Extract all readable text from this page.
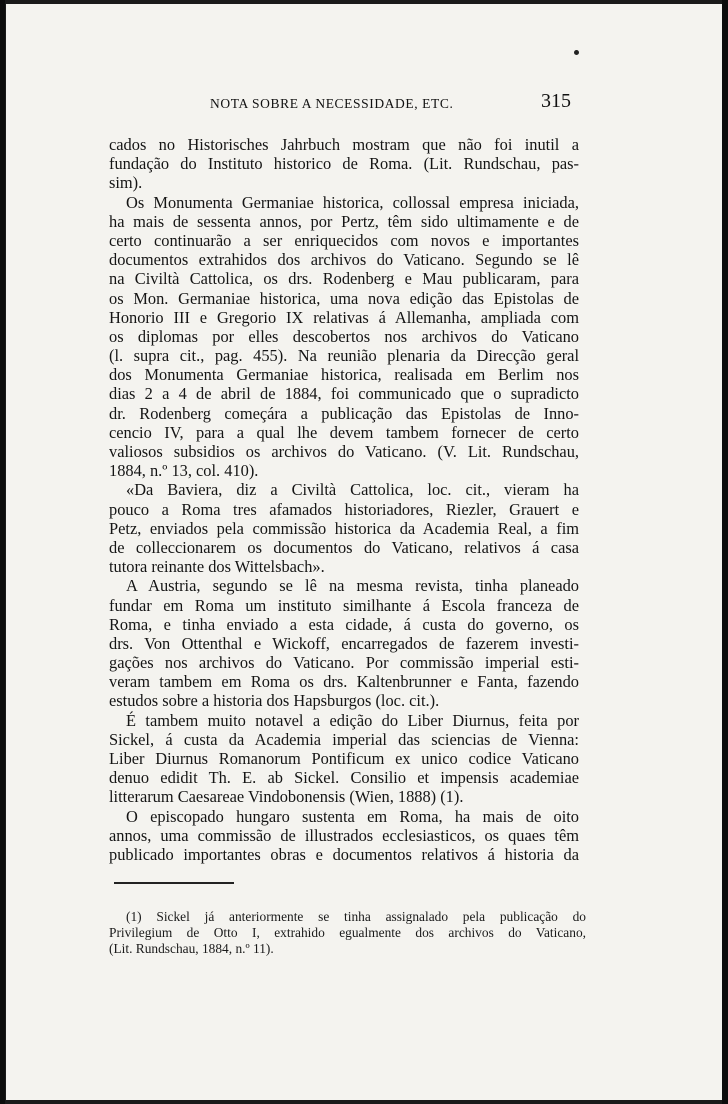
NOTA SOBRE A NECESSIDADE, ETC.	315
cados no Historisches Jahrbuch mostram que não foi inutil a
fundação do Instituto historico de Roma. (Lit. Rundschau, pas-
sim).
Os Monumenta Germaniae historica, collossal empresa iniciada,
ha mais de sessenta annos, por Pertz, têm sido ultimamente e de
certo continuarão a ser enriquecidos com novos e importantes
documentos extrahidos dos archivos do Vaticano. Segundo se lê
na Civiltà Cattolica, os drs. Rodenberg e Mau publicaram, para
os Mon. Germaniae historica, uma nova edição das Epistolas de
Honorio III e Gregorio IX relativas á Allemanha, ampliada com
os diplomas por elles descobertos nos archivos do Vaticano
(l. supra cit., pag. 455). Na reunião plenaria da Direcção geral
dos Monumenta Germaniae historica, realisada em Berlim nos
dias 2 a 4 de abril de 1884, foi communicado que o supradicto
dr. Rodenberg começára a publicação das Epistolas de Inno-
cencio IV, para a qual lhe devem tambem fornecer de certo
valiosos subsidios os archivos do Vaticano. (V. Lit. Rundschau,
1884, n.º 13, col. 410).
«Da Baviera, diz a Civiltà Cattolica, loc. cit., vieram ha
pouco a Roma tres afamados historiadores, Riezler, Grauert e
Petz, enviados pela commissão historica da Academia Real, a fim
de colleccionarem os documentos do Vaticano, relativos á casa
tutora reinante dos Wittelsbach».
A Austria, segundo se lê na mesma revista, tinha planeado
fundar em Roma um instituto similhante á Escola franceza de
Roma, e tinha enviado a esta cidade, á custa do governo, os
drs. Von Ottenthal e Wickoff, encarregados de fazerem investi-
gações nos archivos do Vaticano. Por commissão imperial esti-
veram tambem em Roma os drs. Kaltenbrunner e Fanta, fazendo
estudos sobre a historia dos Hapsburgos (loc. cit.).
É tambem muito notavel a edição do Liber Diurnus, feita por
Sickel, á custa da Academia imperial das sciencias de Vienna:
Liber Diurnus Romanorum Pontificum ex unico codice Vaticano
denuo edidit Th. E. ab Sickel. Consilio et impensis academiae
litterarum Caesareae Vindobonensis (Wien, 1888) (1).
O episcopado hungaro sustenta em Roma, ha mais de oito
annos, uma commissão de illustrados ecclesiasticos, os quaes têm
publicado importantes obras e documentos relativos á historia da
(1) Sickel já anteriormente se tinha assignalado pela publicação do
Privilegium de Otto I, extrahido egualmente dos archivos do Vaticano,
(Lit. Rundschau, 1884, n.º 11).
